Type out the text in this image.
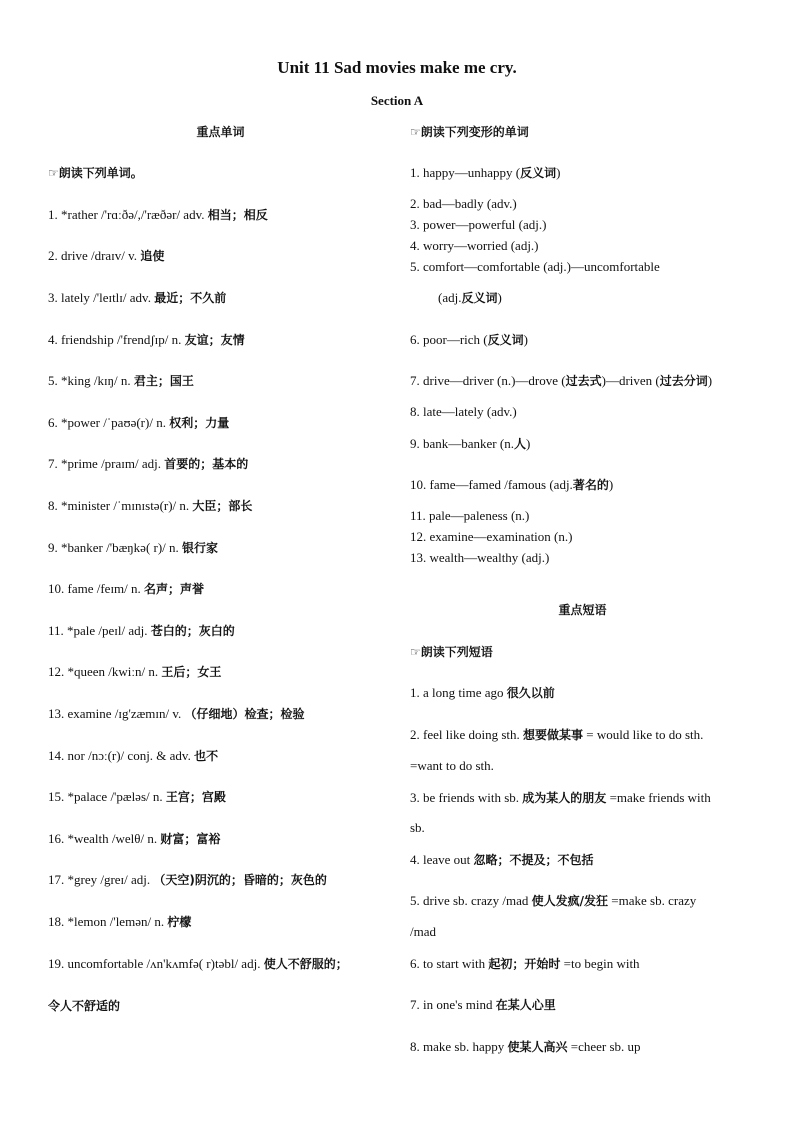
Unit 11 Sad movies make me cry.
Section A
重点单词
☞朗读下列单词。
1. *rather /'rɑːðə/,/'ræðər/ adv. 相当；相反
2. drive /draɪv/ v. 追使
3. lately /'leɪtlɪ/ adv. 最近；不久前
4. friendship /'frendʃɪp/ n. 友谊；友情
5. *king /kɪŋ/ n. 君主；国王
6. *power /ˈpaʊə(r)/ n. 权利；力量
7. *prime /praɪm/ adj. 首要的；基本的
8. *minister /ˈmɪnɪstə(r)/ n. 大臣；部长
9. *banker /'bæŋkə( r)/ n. 银行家
10. fame /feɪm/ n. 名声；声誉
11. *pale /peɪl/ adj. 苍白的；灰白的
12. *queen /kwiːn/ n. 王后；女王
13. examine /ɪg'zæmɪn/ v. （仔细地）检查；检验
14. nor /nɔː(r)/ conj. & adv. 也不
15. *palace /'pæləs/ n. 王宫；宫殿
16. *wealth /welθ/ n. 财富；富裕
17. *grey /greɪ/ adj. （天空)阴沉的；昏暗的；灰色的
18. *lemon /'lemən/ n. 柠檬
19. uncomfortable /ʌn'kʌmfə( r)təbl/ adj. 使人不舒服的；
令人不舒适的
☞朗读下列变形的单词
1. happy—unhappy (反义词)
2. bad—badly (adv.)
3. power—powerful (adj.)
4. worry—worried (adj.)
5. comfort—comfortable (adj.)—uncomfortable
(adj.反义词)
6. poor—rich (反义词)
7. drive—driver (n.)—drove (过去式)—driven (过去分词)
8. late—lately (adv.)
9. bank—banker (n.人)
10. fame—famed /famous (adj.著名的)
11. pale—paleness (n.)
12. examine—examination (n.)
13. wealth—wealthy (adj.)
重点短语
☞朗读下列短语
1. a long time ago 很久以前
2. feel like doing sth. 想要做某事 = would like to do sth.
=want to do sth.
3. be friends with sb. 成为某人的朋友 =make friends with
sb.
4. leave out 忽略；不提及；不包括
5. drive sb. crazy /mad 使人发疯/发狂 =make sb. crazy
/mad
6. to start with 起初；开始时 =to begin with
7. in one's mind 在某人心里
8. make sb. happy 使某人高兴 =cheer sb. up
